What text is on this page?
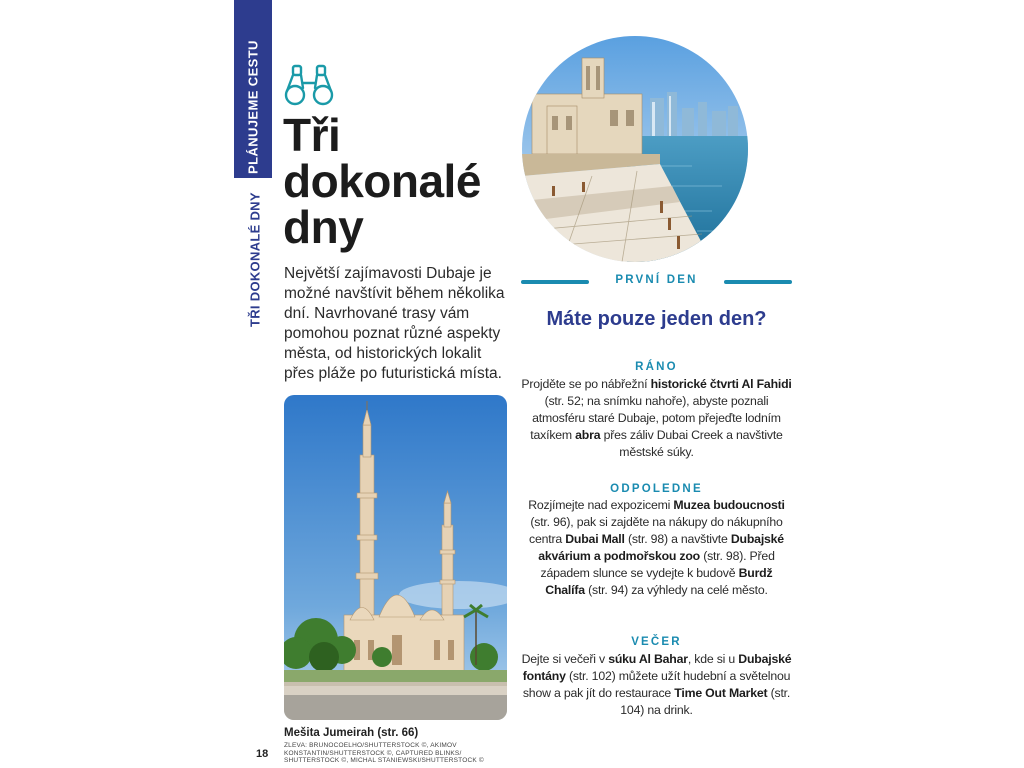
PLÁNUJEME CESTU
TŘI DOKONALÉ DNY
Tři dokonalé dny

Největší zajímavosti Dubaje je možné navštívit během několika dní. Navrhované trasy vám pomohou poznat různé aspekty města, od historických lokalit přes pláže po futuristická místa.

Mešita Jumeirah (str. 66)
18
ZLEVA: BRUNOCOELHO/SHUTTERSTOCK ©, AKIMOV KONSTANTIN/SHUTTERSTOCK ©, CAPTURED BLINKS/ SHUTTERSTOCK ©, MICHAL STANIEWSKI/SHUTTERSTOCK ©
PRVNÍ DEN
Máte pouze jeden den?

RÁNO

Projděte se po nábřežní historické čtvrti Al Fahidi (str. 52; na snímku nahoře), abyste poznali atmosféru staré Dubaje, potom přejeďte lodním taxíkem abra přes záliv Dubai Creek a navštivte městské súky.

ODPOLEDNE

Rozjímejte nad expozicemi Muzea budoucnosti (str. 96), pak si zajděte na nákupy do nákupního centra Dubai Mall (str. 98) a navštivte Dubajské akvárium a podmořskou zoo (str. 98). Před západem slunce se vydejte k budově Burdž Chalífa (str. 94) za výhledy na celé město.

VEČER

Dejte si večeři v súku Al Bahar, kde si u Dubajské fontány (str. 102) můžete užít hudební a světelnou show a pak jít do restaurace Time Out Market (str. 104) na drink.
